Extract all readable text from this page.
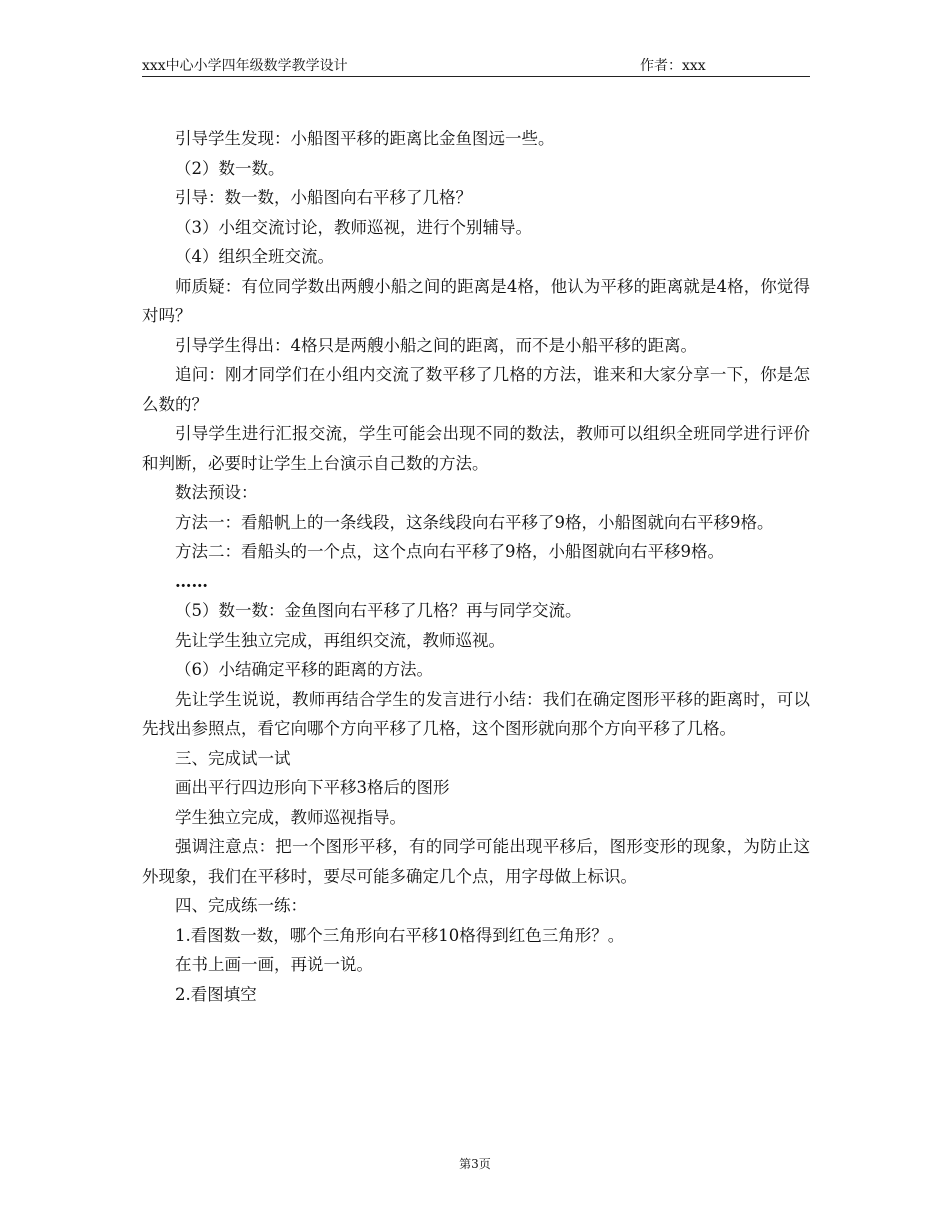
xxx中心小学四年级数学教学设计	作者：xxx

引导学生发现：小船图平移的距离比金鱼图远一些。

（2）数一数。

引导：数一数，小船图向右平移了几格？

（3）小组交流讨论，教师巡视，进行个别辅导。

（4）组织全班交流。

师质疑：有位同学数出两艘小船之间的距离是4格，他认为平移的距离就是4格，你觉得对吗？

引导学生得出：4格只是两艘小船之间的距离，而不是小船平移的距离。

追问：刚才同学们在小组内交流了数平移了几格的方法，谁来和大家分享一下，你是怎么数的？

引导学生进行汇报交流，学生可能会出现不同的数法，教师可以组织全班同学进行评价和判断，必要时让学生上台演示自己数的方法。

数法预设：

方法一：看船帆上的一条线段，这条线段向右平移了9格，小船图就向右平移9格。

方法二：看船头的一个点，这个点向右平移了9格，小船图就向右平移9格。

……

（5）数一数：金鱼图向右平移了几格？再与同学交流。

先让学生独立完成，再组织交流，教师巡视。

（6）小结确定平移的距离的方法。

先让学生说说，教师再结合学生的发言进行小结：我们在确定图形平移的距离时，可以先找出参照点，看它向哪个方向平移了几格，这个图形就向那个方向平移了几格。

三、完成试一试

画出平行四边形向下平移3格后的图形

学生独立完成，教师巡视指导。

强调注意点：把一个图形平移，有的同学可能出现平移后，图形变形的现象，为防止这外现象，我们在平移时，要尽可能多确定几个点，用字母做上标识。

四、完成练一练：

1.看图数一数，哪个三角形向右平移10格得到红色三角形？。

在书上画一画，再说一说。

2.看图填空

第3页
